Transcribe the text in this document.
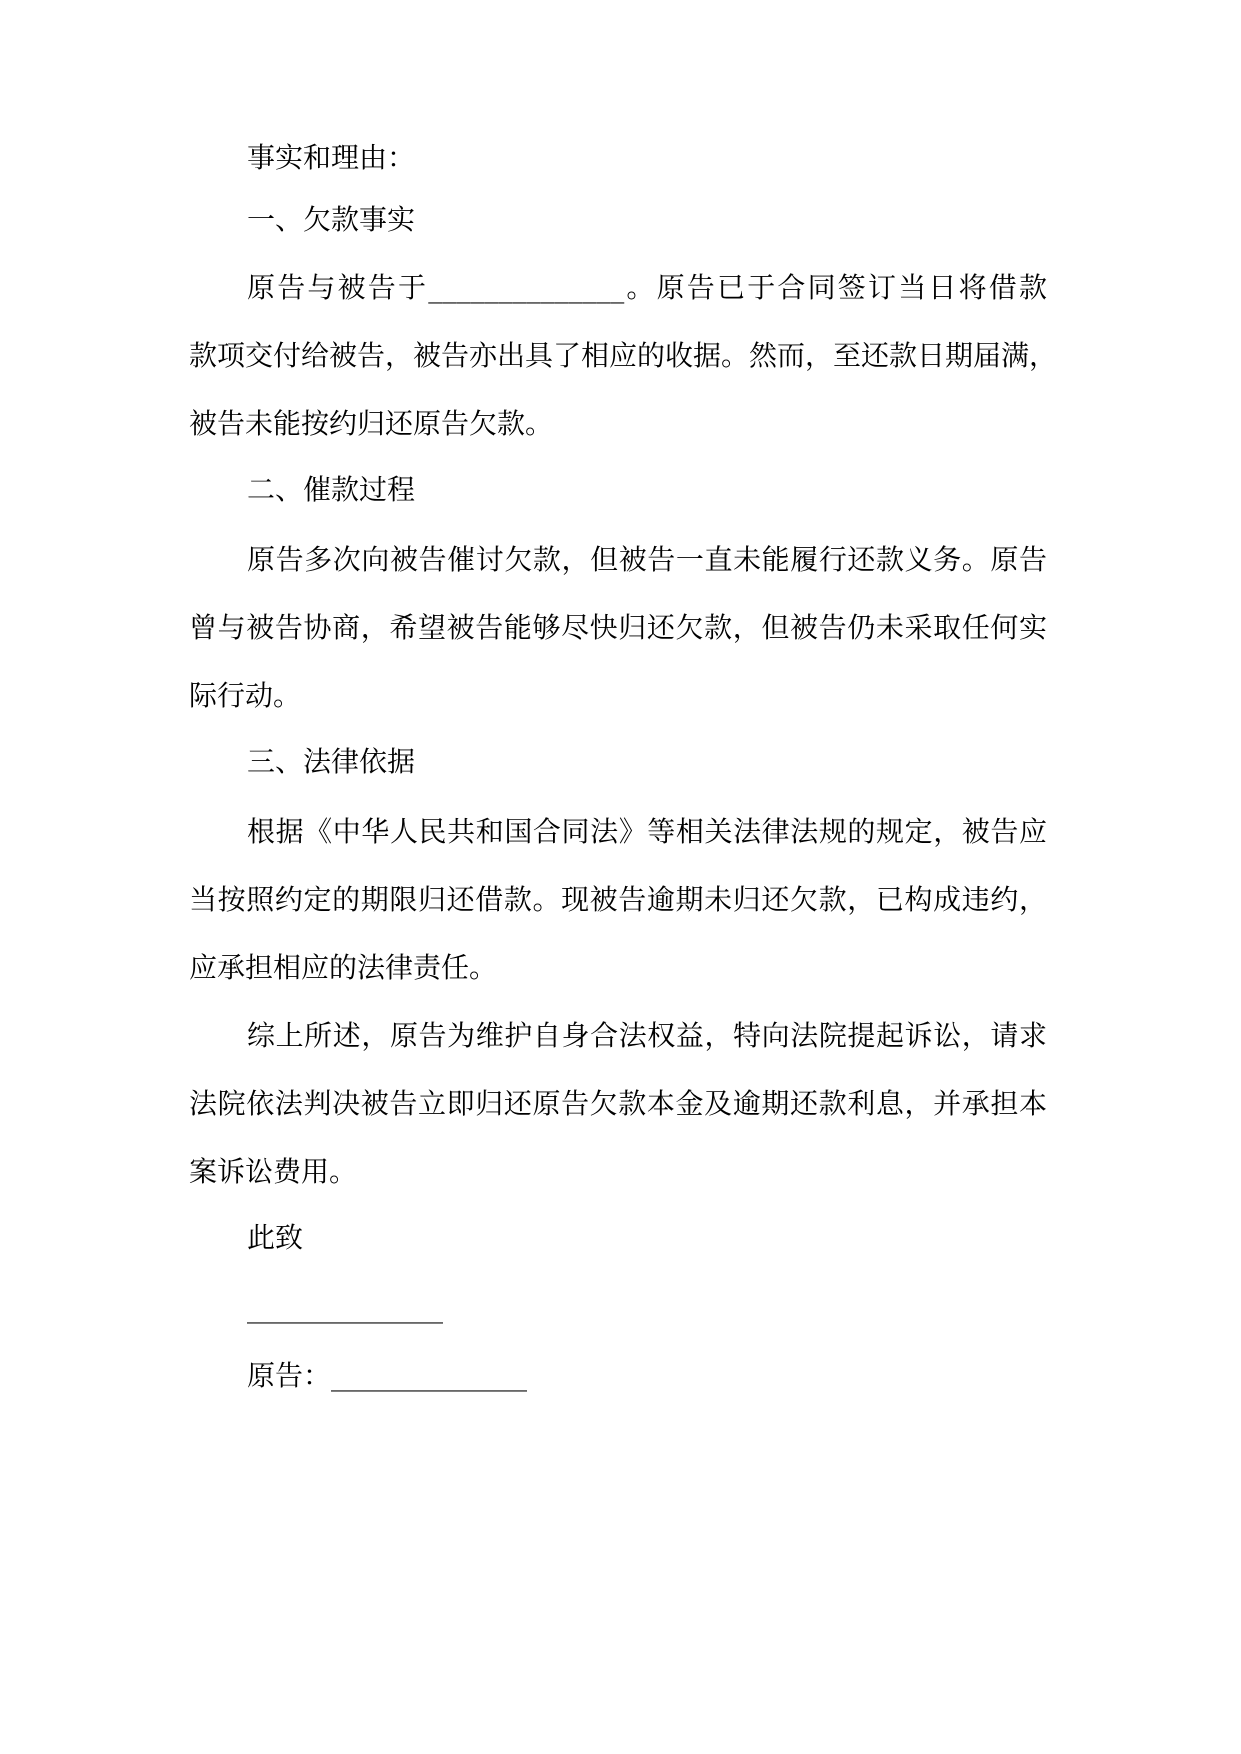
事实和理由：
一、欠款事实
原告与被告于______________。原告已于合同签订当日将借款
款项交付给被告，被告亦出具了相应的收据。然而，至还款日期届满，
被告未能按约归还原告欠款。
二、催款过程
原告多次向被告催讨欠款，但被告一直未能履行还款义务。原告
曾与被告协商，希望被告能够尽快归还欠款，但被告仍未采取任何实
际行动。
三、法律依据
根据《中华人民共和国合同法》等相关法律法规的规定，被告应
当按照约定的期限归还借款。现被告逾期未归还欠款，已构成违约，
应承担相应的法律责任。
综上所述，原告为维护自身合法权益，特向法院提起诉讼，请求
法院依法判决被告立即归还原告欠款本金及逾期还款利息，并承担本
案诉讼费用。
此致
______________
原告：______________
